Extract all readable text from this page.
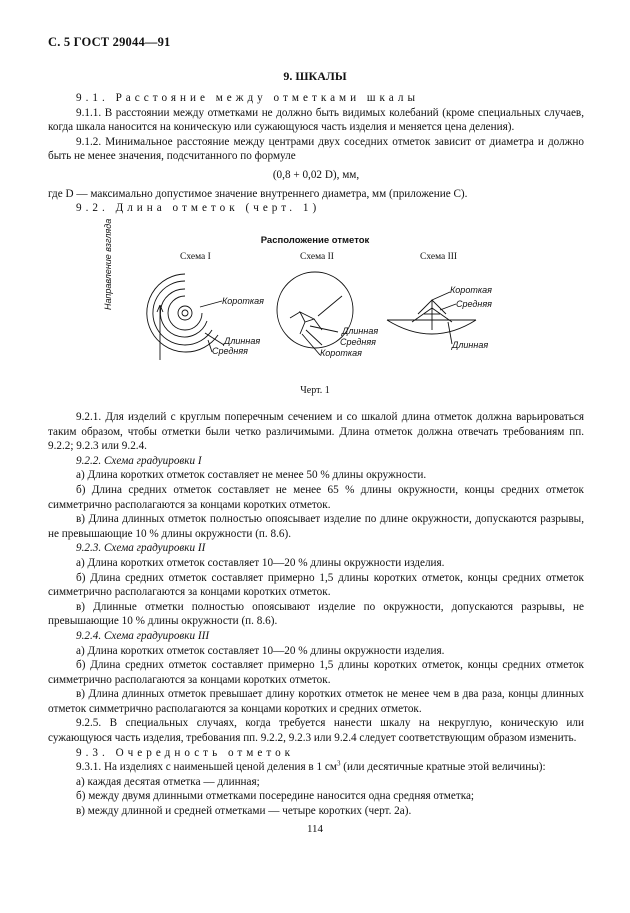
С. 5 ГОСТ 29044—91
9. ШКАЛЫ

9.1. Расстояние между отметками шкалы

9.1.1. В расстоянии между отметками не должно быть видимых колебаний (кроме специальных случаев, когда шкала наносится на коническую или сужающуюся часть изделия и меняется цена деления).

9.1.2. Минимальное расстояние между центрами двух соседних отметок зависит от диаметра и должно быть не менее значения, подсчитанного по формуле

(0,8 + 0,02 D), мм,

где D — максимально допустимое значение внутреннего диаметра, мм (приложение С).

9.2. Длина отметок (черт. 1)

Расположение отметок
Схема I	Схема II	Схема III
Направление взгляда	Короткая
Длинная
Средняя
Длинная
Средняя
Короткая
Короткая
Средняя
Длинная
Черт. 1

9.2.1. Для изделий с круглым поперечным сечением и со шкалой длина отметок должна варьироваться таким образом, чтобы отметки были четко различимыми. Длина отметок должна отвечать требованиям пп. 9.2.2; 9.2.3 или 9.2.4.

9.2.2. Схема градуировки I

а) Длина коротких отметок составляет не менее 50 % длины окружности.

б) Длина средних отметок составляет не менее 65 % длины окружности, концы средних отметок симметрично располагаются за концами коротких отметок.

в) Длина длинных отметок полностью опоясывает изделие по длине окружности, допускаются разрывы, не превышающие 10 % длины окружности (п. 8.6).

9.2.3. Схема градуировки II

а) Длина коротких отметок составляет 10—20 % длины окружности изделия.

б) Длина средних отметок составляет примерно 1,5 длины коротких отметок, концы средних отметок симметрично располагаются за концами коротких отметок.

в) Длинные отметки полностью опоясывают изделие по окружности, допускаются разрывы, не превышающие 10 % длины окружности (п. 8.6).

9.2.4. Схема градуировки III

а) Длина коротких отметок составляет 10—20 % длины окружности изделия.

б) Длина средних отметок составляет примерно 1,5 длины коротких отметок, концы средних отметок симметрично располагаются за концами коротких отметок.

в) Длина длинных отметок превышает длину коротких отметок не менее чем в два раза, концы длинных отметок симметрично располагаются за концами коротких и средних отметок.

9.2.5. В специальных случаях, когда требуется нанести шкалу на некруглую, коническую или сужающуюся часть изделия, требования пп. 9.2.2, 9.2.3 или 9.2.4 следует соответствующим образом изменить.

9.3. Очередность отметок

9.3.1. На изделиях с наименьшей ценой деления в 1 $см^3$ (или десятичные кратные этой величины):

а) каждая десятая отметка — длинная;

б) между двумя длинными отметками посередине наносится одна средняя отметка;

в) между длинной и средней отметками — четыре коротких (черт. 2а).

114
